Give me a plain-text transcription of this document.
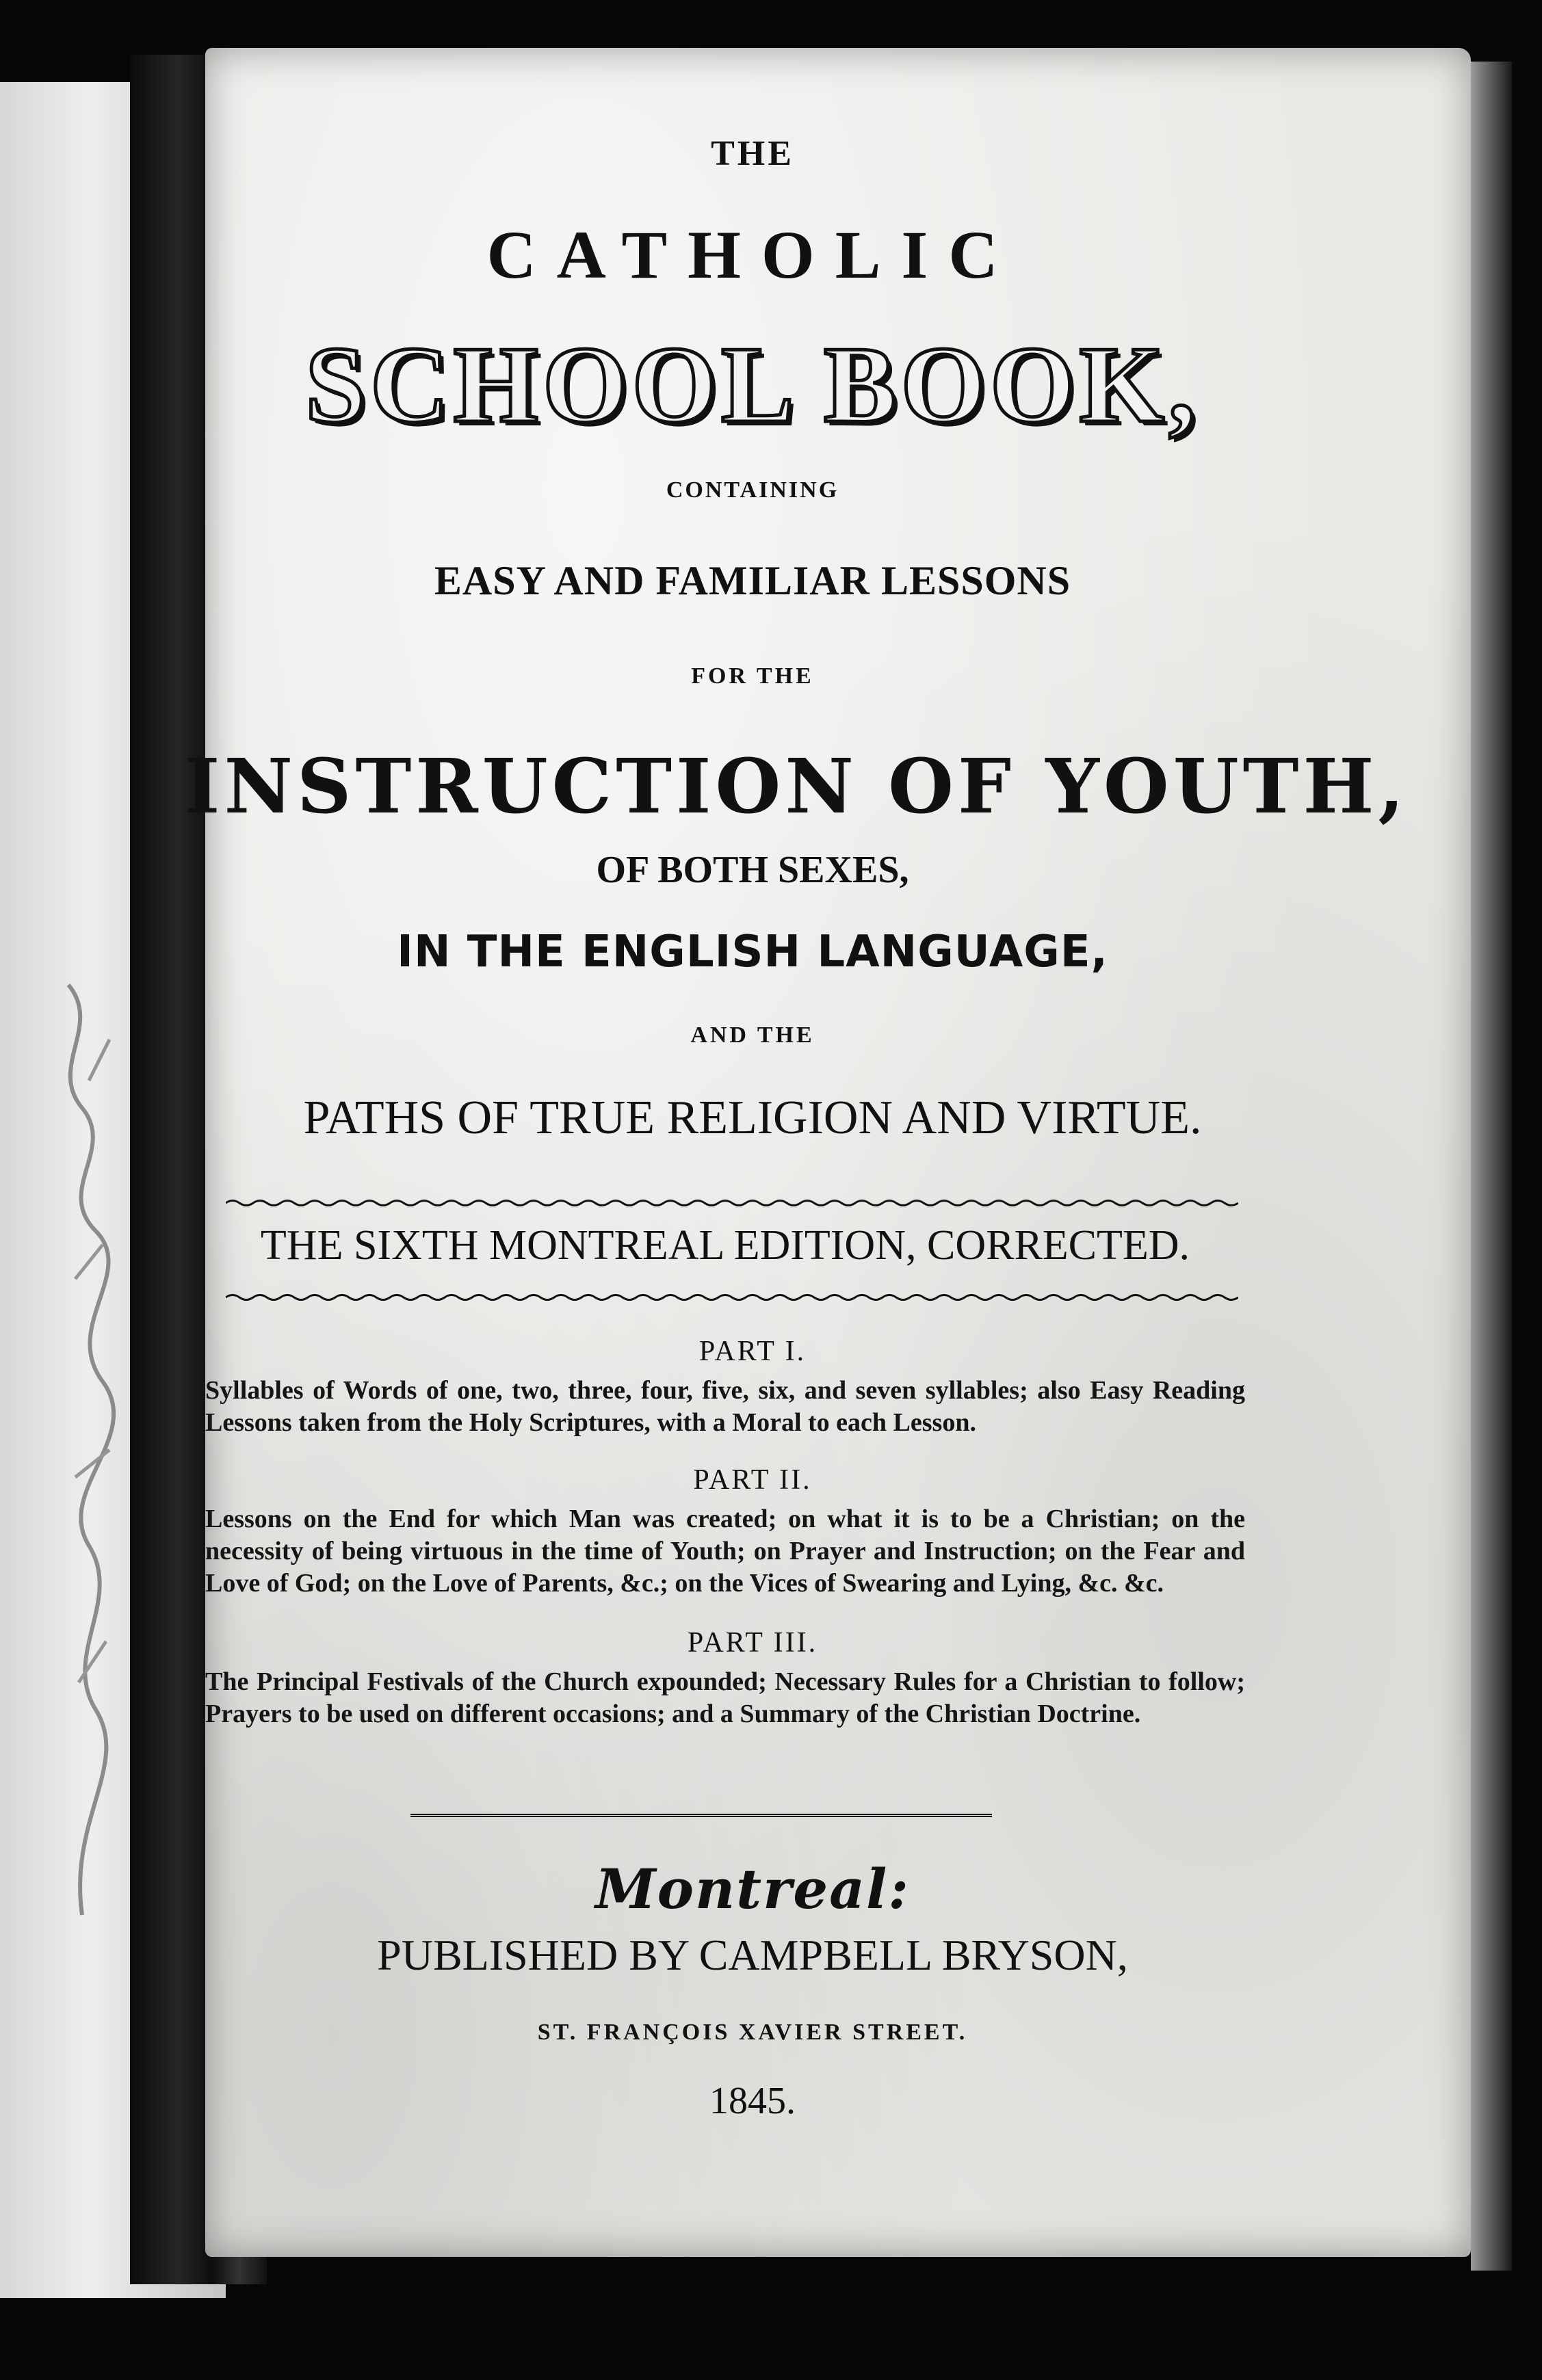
THE

CATHOLIC

SCHOOL BOOK,

CONTAINING

EASY AND FAMILIAR LESSONS

FOR THE

INSTRUCTION OF YOUTH,

OF BOTH SEXES,

IN THE ENGLISH LANGUAGE,

AND THE

PATHS OF TRUE RELIGION AND VIRTUE.

THE SIXTH MONTREAL EDITION, CORRECTED.

PART I.

Syllables of Words of one, two, three, four, five, six, and seven syllables; also Easy Reading Lessons taken from the Holy Scriptures, with a Moral to each Lesson.

PART II.

Lessons on the End for which Man was created; on what it is to be a Christian; on the necessity of being virtuous in the time of Youth; on Prayer and Instruction; on the Fear and Love of God; on the Love of Parents, &c.; on the Vices of Swearing and Lying, &c. &c.

PART III.

The Principal Festivals of the Church expounded; Necessary Rules for a Christian to follow; Prayers to be used on different occasions; and a Summary of the Christian Doctrine.

Montreal:

PUBLISHED BY CAMPBELL BRYSON,

ST. FRANÇOIS XAVIER STREET.

1845.
